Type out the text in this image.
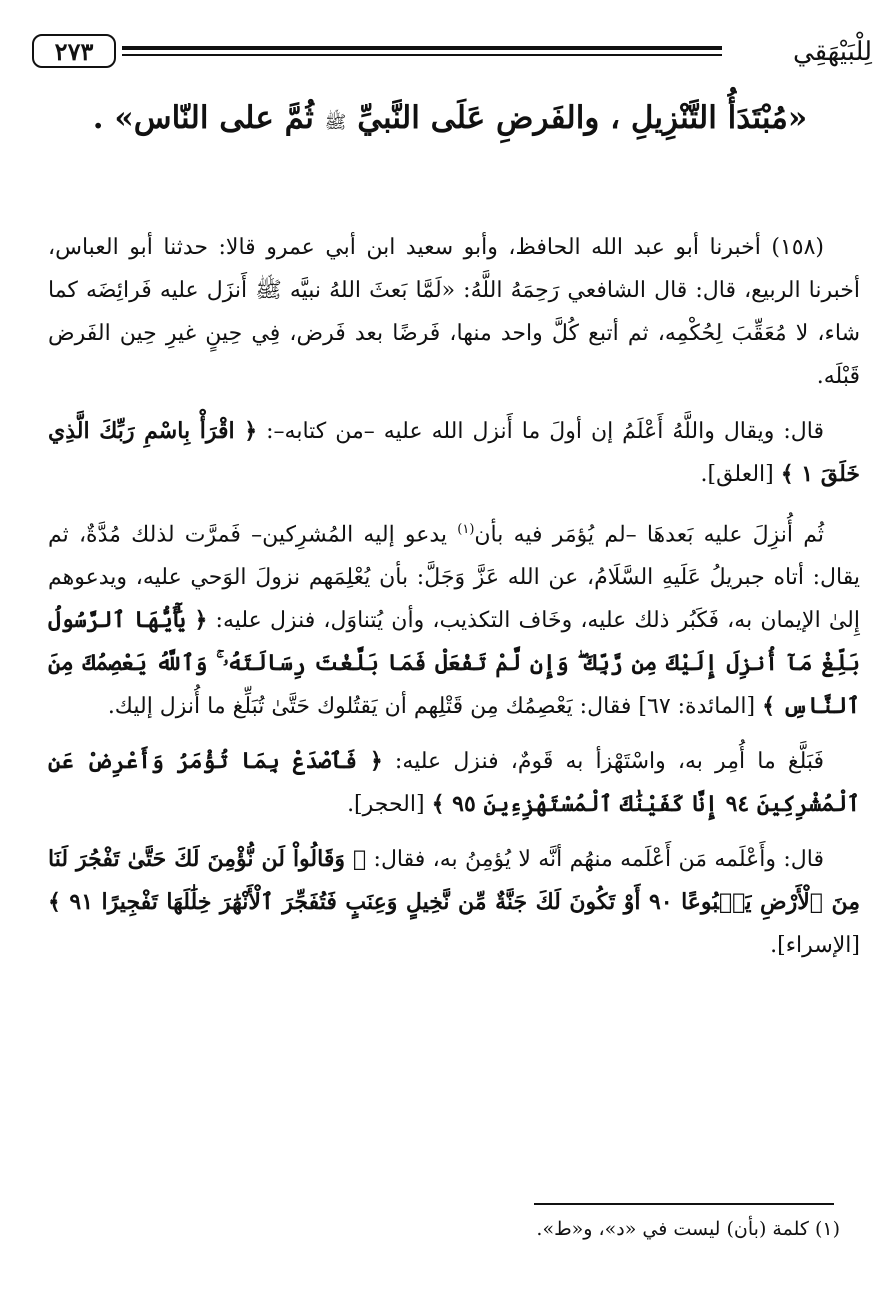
٢٧٣	لِلْبَيْهَقِي
«مُبْتَدَأُ التَّنْزِيلِ ، والفَرضِ عَلَى النَّبيِّ ﷺ ثُمَّ على النّاس» .

(١٥٨) أخبرنا أبو عبد الله الحافظ، وأبو سعيد ابن أبي عمرو قالا: حدثنا أبو العباس، أخبرنا الربيع، قال: قال الشافعي رَحِمَهُ اللَّهُ: «لَمَّا بَعثَ اللهُ نبيَّه ﷺ أَنزَل عليه فَرائِضَه كما شاء، لا مُعَقِّبَ لِحُكْمِه، ثم أتبع كُلَّ واحد منها، فَرضًا بعد فَرض، فِي حِينٍ غيرِ حِين الفَرض قَبْلَه.

قال: ويقال واللَّهُ أَعْلَمُ إن أولَ ما أَنزل الله عليه –من كتابه–: ﴿ اقْرَأْ بِاسْمِ رَبِّكَ الَّذِي خَلَقَ ١ ﴾ [العلق].

ثُم أُنزِلَ عليه بَعدهَا –لم يُؤمَر فيه بأن$^{(١)}$ يدعو إليه المُشرِكين– فَمرَّت لذلك مُدَّةٌ، ثم يقال: أتاه جبريلُ عَلَيهِ السَّلَامُ، عن الله عَزَّ وَجَلَّ: بأن يُعْلِمَهم نزولَ الوَحي عليه، ويدعوهم إِلىٰ الإيمان به، فَكَبُر ذلك عليه، وخَاف التكذيب، وأن يُتناوَل، فنزل عليه: ﴿ يَٰٓأَيُّهَا ٱلرَّسُولُ بَلِّغْ مَآ أُنزِلَ إِلَيْكَ مِن رَّبِّكَ ۖ وَإِن لَّمْ تَفْعَلْ فَمَا بَلَّغْتَ رِسَالَتَهُۥ ۚ وَٱللَّهُ يَعْصِمُكَ مِنَ ٱلنَّاسِ ﴾ [المائدة: ٦٧] فقال: يَعْصِمُك مِن قَتْلِهم أن يَقتُلوك حَتَّىٰ تُبَلِّغ ما أُنزل إليك.

فَبَلَّغ ما أُمِر به، واسْتَهْزأ به قَومٌ، فنزل عليه: ﴿ فَٱصْدَعْ بِمَا تُؤْمَرُ وَأَعْرِضْ عَنِ ٱلْمُشْرِكِينَ ٩٤ إِنَّا كَفَيْنَٰكَ ٱلْمُسْتَهْزِءِينَ ٩٥ ﴾ [الحجر].

قال: وأَعْلَمه مَن أَعْلَمه منهُم أنَّه لا يُؤمِنُ به، فقال: ﴿ وَقَالُواْ لَن نُّؤْمِنَ لَكَ حَتَّىٰ تَفْجُرَ لَنَا مِنَ ٱلْأَرْضِ يَنۢبُوعًا ٩٠ أَوْ تَكُونَ لَكَ جَنَّةٌ مِّن نَّخِيلٍ وَعِنَبٍ فَتُفَجِّرَ ٱلْأَنْهَٰرَ خِلَٰلَهَا تَفْجِيرًا ٩١ ﴾ [الإسراء].

(١) كلمة (بأن) ليست في «د»، و«ط».
